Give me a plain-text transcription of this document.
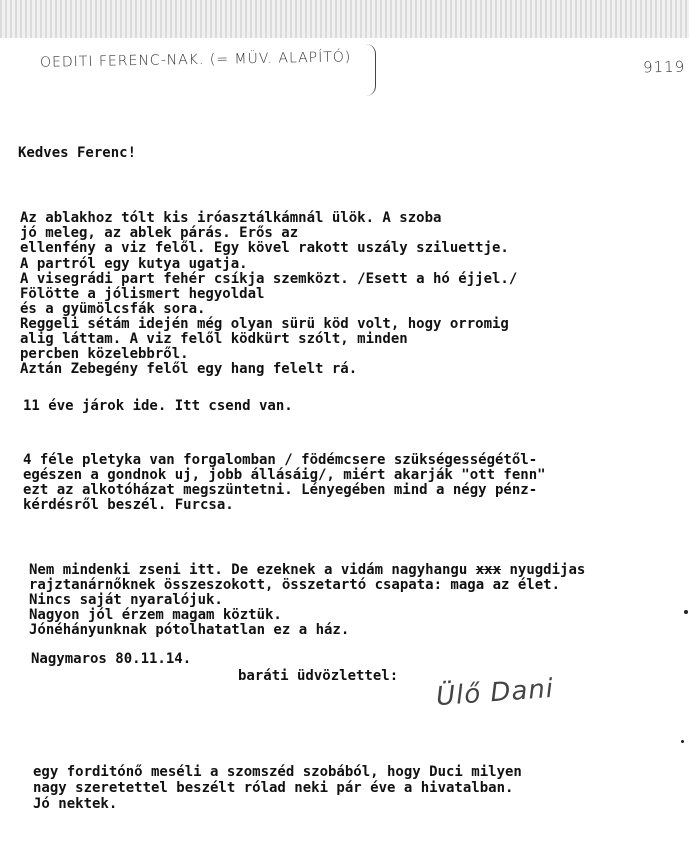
OEDITI FERENC-NAK. (= MÜV. ALAPÍTÓ)	9119
Kedves Ferenc!
Az ablakhoz tólt kis iróasztálkámnál ülök. A szoba
jó meleg, az ablek párás. Erős az
ellenfény a viz felől. Egy kövel rakott uszály sziluettje.
A partról egy kutya ugatja.
A visegrádi part fehér csíkja szemközt. /Esett a hó éjjel./
Fölötte a jólismert hegyoldal
és a gyümölcsfák sora.
Reggeli sétám idején még olyan sürü köd volt, hogy orromig
alig láttam. A viz felől ködkürt szólt, minden
percben közelebbről.
Aztán Zebegény felől egy hang felelt rá.
11 éve járok ide. Itt csend van.
4 féle pletyka van forgalomban / födémcsere szükségességétől-
egészen a gondnok uj, jobb állásáig/, miért akarják "ott fenn"
ezt az alkotóházat megszüntetni. Lényegében mind a négy pénz-
kérdésről beszél. Furcsa.
Nem mindenki zseni itt. De ezeknek a vidám nagyhangu xxx nyugdijas
rajztanárnőknek összeszokott, összetartó csapata: maga az élet.
Nincs saját nyaralójuk.
Nagyon jól érzem magam köztük.
Jónéhányunknak pótolhatatlan ez a ház.
Nagymaros 80.11.14.
baráti üdvözlettel: Ülő Dani
egy forditónő meséli a szomszéd szobából, hogy Duci milyen
nagy szeretettel beszélt rólad neki pár éve a hivatalban.
Jó nektek.
